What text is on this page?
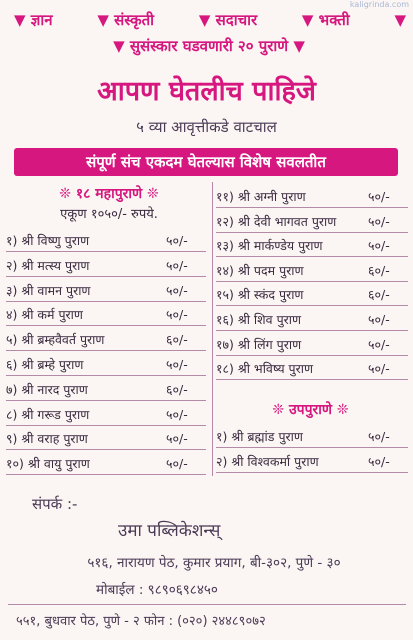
kaligrinda.com
▼ ज्ञान	▼ संस्कृती	▼ सदाचार	▼ भक्ती	▼
▼ सुसंस्कार घडवणारी २० पुराणे ▼
आपण घेतलीच पाहिजे
५ व्या आवृत्तीकडे वाटचाल
संपूर्ण संच एकदम घेतल्यास विशेष सवलतीत
❊ १८ महापुराणे ❊
एकूण १०५०/- रुपये.
१) श्री विष्णु पुराण	५०/-
२) श्री मत्स्य पुराण	५०/-
३) श्री वामन पुराण	५०/-
४) श्री कर्म पुराण	५०/-
५) श्री ब्रम्हवैवर्त पुराण	६०/-
६) श्री ब्रम्हे पुराण	५०/-
७) श्री नारद पुराण	६०/-
८) श्री गरूड पुराण	५०/-
९) श्री वराह पुराण	५०/-
१०) श्री वायु पुराण	५०/-
११) श्री अग्नी पुराण	५०/-
१२) श्री देवी भागवत पुराण	५०/-
१३) श्री मार्कण्डेय पुराण	५०/-
१४) श्री पदम पुराण	६०/-
१५) श्री स्कंद पुराण	६०/-
१६) श्री शिव पुराण	५०/-
१७) श्री लिंग पुराण	५०/-
१८) श्री भविष्य पुराण	५०/-
❊ उपपुराणे ❊
१) श्री ब्रह्मांड पुराण	५०/-
२) श्री विश्वकर्मा पुराण	५०/-
संपर्क :-
उमा पब्लिकेशन्स्
५१६, नारायण पेठ, कुमार प्रयाग, बी-३०२, पुणे - ३०
मोबाईल : ९८९०६९८४५०
५५१, बुधवार पेठ, पुणे - २ फोन : (०२०) २४४८९०७२
